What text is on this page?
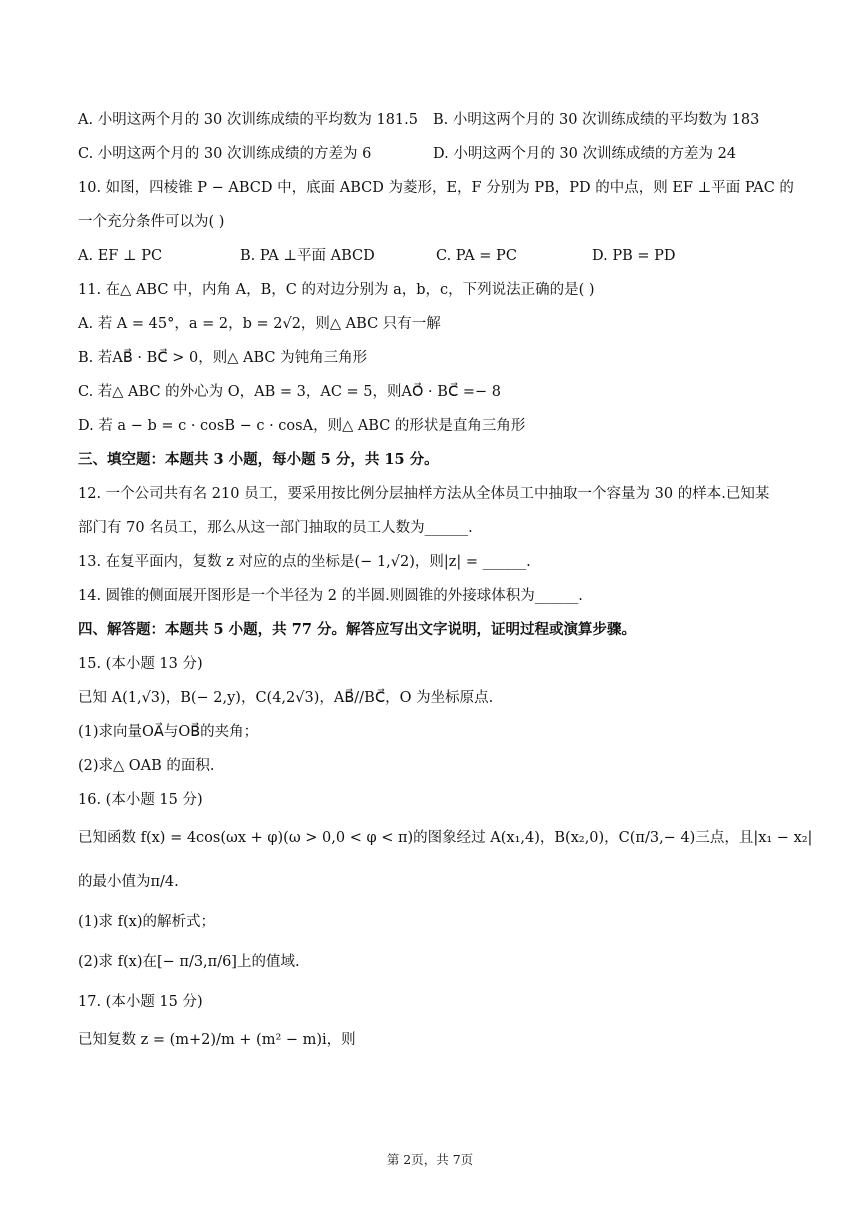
A. 小明这两个月的 30 次训练成绩的平均数为 181.5 B. 小明这两个月的 30 次训练成绩的平均数为 183
C. 小明这两个月的 30 次训练成绩的方差为 6	D. 小明这两个月的 30 次训练成绩的方差为 24
10. 如图，四棱锥 P − ABCD 中，底面 ABCD 为菱形，E，F 分别为 PB，PD 的中点，则 EF ⊥平面 PAC 的
一个充分条件可以为( )
A. EF ⊥ PC	B. PA ⊥平面 ABCD	C. PA = PC	D. PB = PD
11. 在△ ABC 中，内角 A，B，C 的对边分别为 a，b，c，下列说法正确的是( )
A. 若 A = 45°，a = 2，b = 2√2，则△ ABC 只有一解
B. 若AB⃗ · BC⃗ > 0，则△ ABC 为钝角三角形
C. 若△ ABC 的外心为 O，AB = 3，AC = 5，则AO⃗ · BC⃗ =− 8
D. 若 a − b = c · cosB − c · cosA，则△ ABC 的形状是直角三角形
三、填空题：本题共 3 小题，每小题 5 分，共 15 分。
12. 一个公司共有名 210 员工，要采用按比例分层抽样方法从全体员工中抽取一个容量为 30 的样本.已知某
部门有 70 名员工，那么从这一部门抽取的员工人数为______.
13. 在复平面内，复数 z 对应的点的坐标是(− 1,√2)，则|z| = ______.
14. 圆锥的侧面展开图形是一个半径为 2 的半圆.则圆锥的外接球体积为______.
四、解答题：本题共 5 小题，共 77 分。解答应写出文字说明，证明过程或演算步骤。
15. (本小题 13 分)
已知 A(1,√3)，B(− 2,y)，C(4,2√3)，AB⃗//BC⃗，O 为坐标原点.
(1)求向量OA⃗与OB⃗的夹角；
(2)求△ OAB 的面积.
16. (本小题 15 分)
已知函数 f(x) = 4cos(ωx + φ)(ω > 0,0 < φ < π)的图象经过 A(x₁,4)，B(x₂,0)，C(π/3,− 4)三点，且|x₁ − x₂|
的最小值为π/4.
(1)求 f(x)的解析式；
(2)求 f(x)在[− π/3,π/6]上的值域.
17. (本小题 15 分)
已知复数 z = (m+2)/m + (m² − m)i，则
第 2页，共 7页
